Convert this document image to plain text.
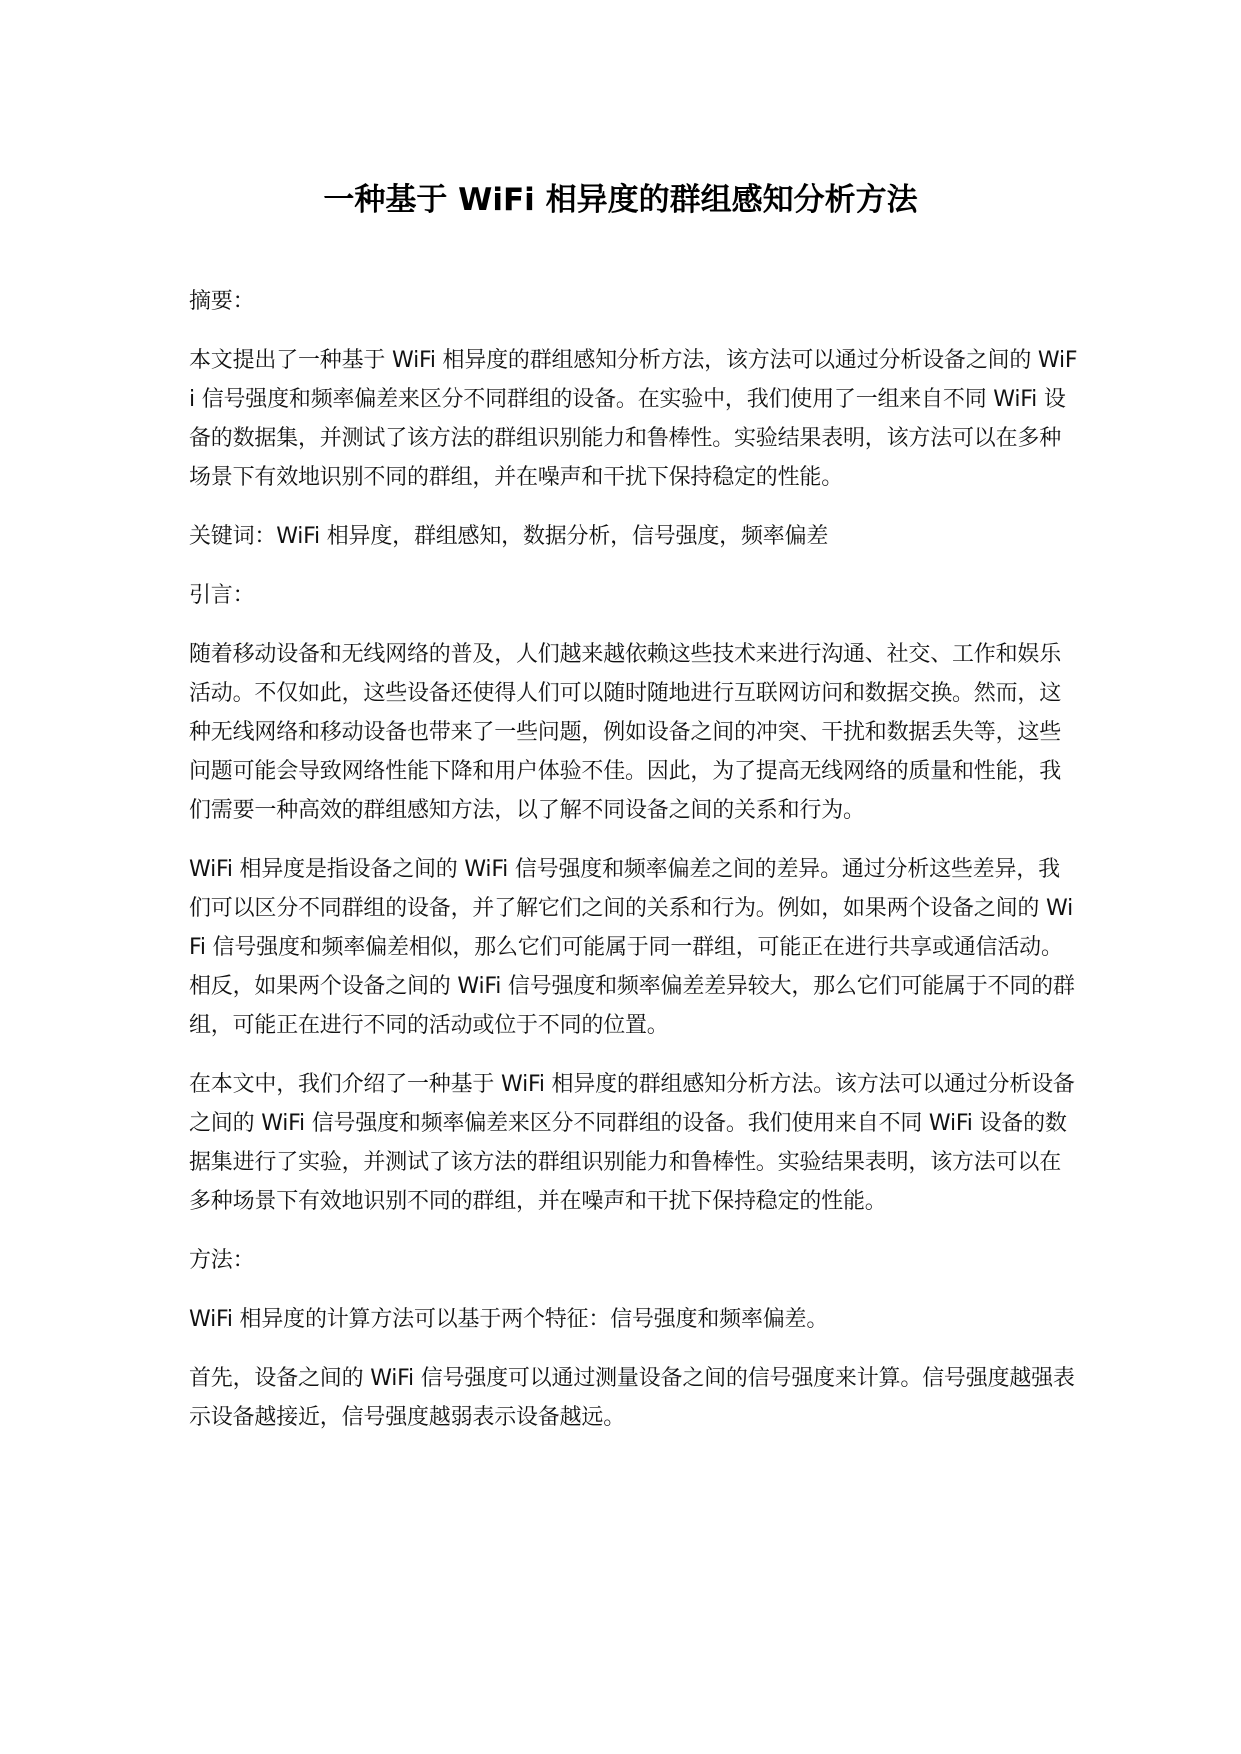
一种基于 WiFi 相异度的群组感知分析方法

摘要：

本文提出了一种基于 WiFi 相异度的群组感知分析方法，该方法可以通过分析设备之间的 WiFi 信号强度和频率偏差来区分不同群组的设备。在实验中，我们使用了一组来自不同 WiFi 设备的数据集，并测试了该方法的群组识别能力和鲁棒性。实验结果表明，该方法可以在多种场景下有效地识别不同的群组，并在噪声和干扰下保持稳定的性能。

关键词：WiFi 相异度，群组感知，数据分析，信号强度，频率偏差

引言：

随着移动设备和无线网络的普及，人们越来越依赖这些技术来进行沟通、社交、工作和娱乐活动。不仅如此，这些设备还使得人们可以随时随地进行互联网访问和数据交换。然而，这种无线网络和移动设备也带来了一些问题，例如设备之间的冲突、干扰和数据丢失等，这些问题可能会导致网络性能下降和用户体验不佳。因此，为了提高无线网络的质量和性能，我们需要一种高效的群组感知方法，以了解不同设备之间的关系和行为。

WiFi 相异度是指设备之间的 WiFi 信号强度和频率偏差之间的差异。通过分析这些差异，我们可以区分不同群组的设备，并了解它们之间的关系和行为。例如，如果两个设备之间的 WiFi 信号强度和频率偏差相似，那么它们可能属于同一群组，可能正在进行共享或通信活动。相反，如果两个设备之间的 WiFi 信号强度和频率偏差差异较大，那么它们可能属于不同的群组，可能正在进行不同的活动或位于不同的位置。

在本文中，我们介绍了一种基于 WiFi 相异度的群组感知分析方法。该方法可以通过分析设备之间的 WiFi 信号强度和频率偏差来区分不同群组的设备。我们使用来自不同 WiFi 设备的数据集进行了实验，并测试了该方法的群组识别能力和鲁棒性。实验结果表明，该方法可以在多种场景下有效地识别不同的群组，并在噪声和干扰下保持稳定的性能。

方法：

WiFi 相异度的计算方法可以基于两个特征：信号强度和频率偏差。

首先，设备之间的 WiFi 信号强度可以通过测量设备之间的信号强度来计算。信号强度越强表示设备越接近，信号强度越弱表示设备越远。
